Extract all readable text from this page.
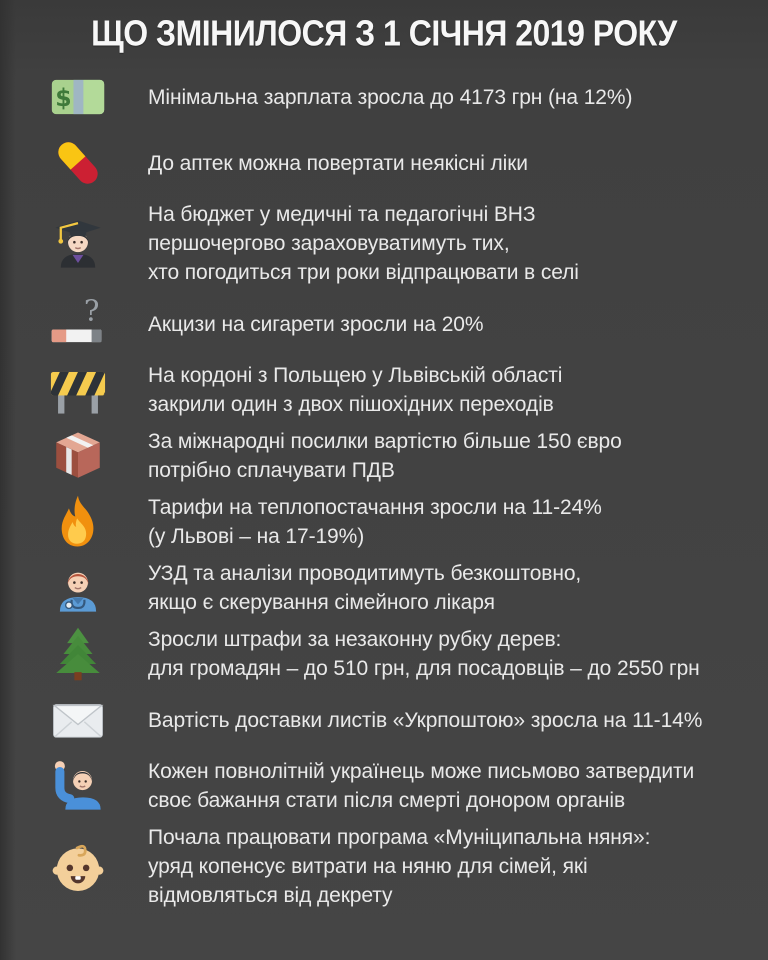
ЩО ЗМІНИЛОСЯ З 1 СІЧНЯ 2019 РОКУ
$	Мінімальна зарплата зросла до 4173 грн (на 12%)
До аптек можна повертати неякісні ліки
На бюджет у медичні та педагогічні ВНЗ
першочергово зараховуватимуть тих,
хто погодиться три роки відпрацювати в селі
? Акцизи на сигарети зросли на 20%
На кордоні з Польщею у Львівській області
закрили один з двох пішохідних переходів
За міжнародні посилки вартістю більше 150 євро
потрібно сплачувати ПДВ
Тарифи на теплопостачання зросли на 11-24%
(у Львові – на 17-19%)
УЗД та аналізи проводитимуть безкоштовно,
якщо є скерування сімейного лікаря
Зросли штрафи за незаконну рубку дерев:
для громадян – до 510 грн, для посадовців – до 2550 грн
Вартість доставки листів «Укрпоштою» зросла на 11-14%
Кожен повнолітній українець може письмово затвердити
своє бажання стати після смерті донором органів
Почала працювати програма «Муніципальна няня»:
уряд копенсує витрати на няню для сімей, які
відмовляться від декрету
